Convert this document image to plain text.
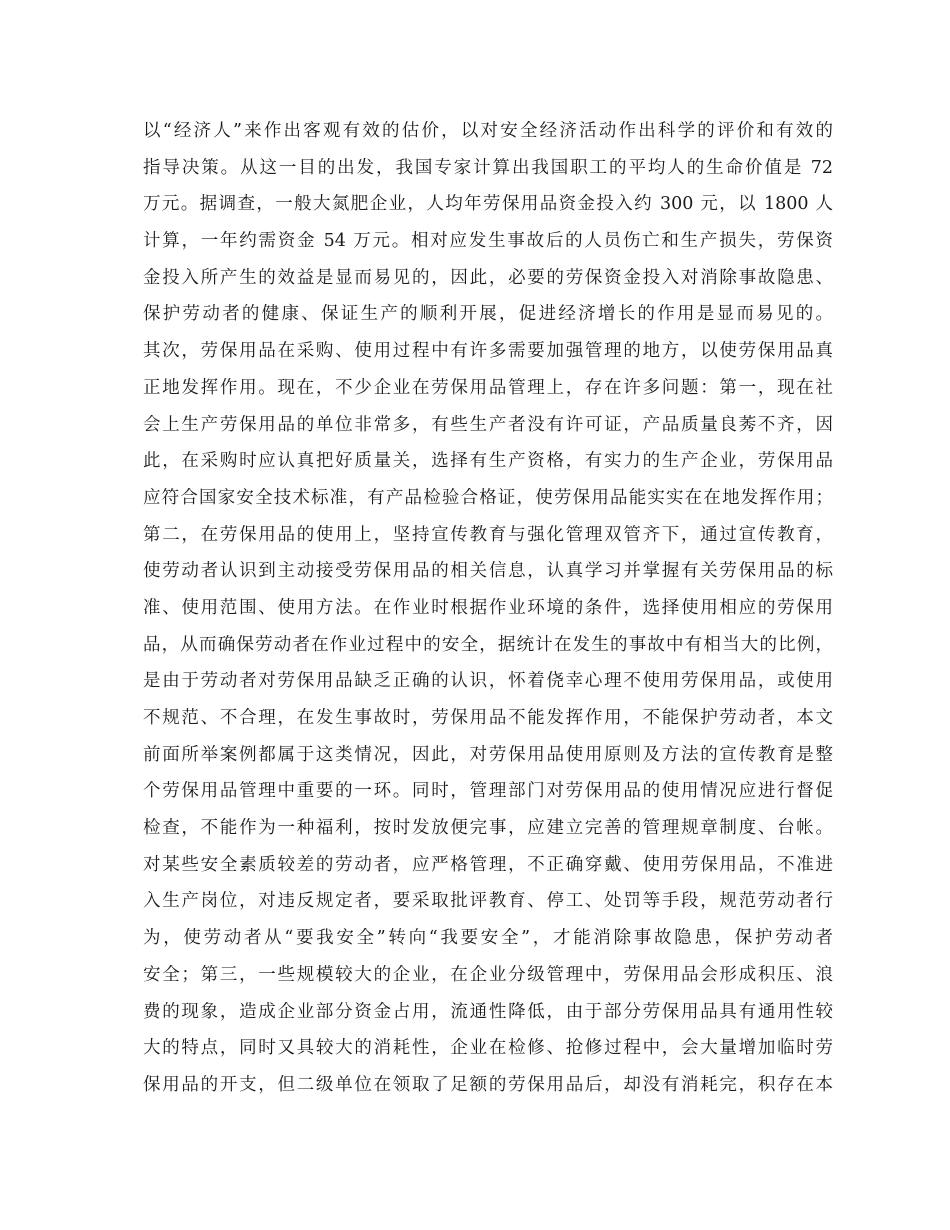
以“经济人”来作出客观有效的估价，以对安全经济活动作出科学的评价和有效的
指导决策。从这一目的出发，我国专家计算出我国职工的平均人的生命价值是 72
万元。据调查，一般大氮肥企业，人均年劳保用品资金投入约 300 元，以 1800 人
计算，一年约需资金 54 万元。相对应发生事故后的人员伤亡和生产损失，劳保资
金投入所产生的效益是显而易见的，因此，必要的劳保资金投入对消除事故隐患、
保护劳动者的健康、保证生产的顺利开展，促进经济增长的作用是显而易见的。
其次，劳保用品在采购、使用过程中有许多需要加强管理的地方，以使劳保用品真
正地发挥作用。现在，不少企业在劳保用品管理上，存在许多问题：第一，现在社
会上生产劳保用品的单位非常多，有些生产者没有许可证，产品质量良莠不齐，因
此，在采购时应认真把好质量关，选择有生产资格，有实力的生产企业，劳保用品
应符合国家安全技术标准，有产品检验合格证，使劳保用品能实实在在地发挥作用；
第二，在劳保用品的使用上，坚持宣传教育与强化管理双管齐下，通过宣传教育，
使劳动者认识到主动接受劳保用品的相关信息，认真学习并掌握有关劳保用品的标
准、使用范围、使用方法。在作业时根据作业环境的条件，选择使用相应的劳保用
品，从而确保劳动者在作业过程中的安全，据统计在发生的事故中有相当大的比例，
是由于劳动者对劳保用品缺乏正确的认识，怀着侥幸心理不使用劳保用品，或使用
不规范、不合理，在发生事故时，劳保用品不能发挥作用，不能保护劳动者，本文
前面所举案例都属于这类情况，因此，对劳保用品使用原则及方法的宣传教育是整
个劳保用品管理中重要的一环。同时，管理部门对劳保用品的使用情况应进行督促
检查，不能作为一种福利，按时发放便完事，应建立完善的管理规章制度、台帐。
对某些安全素质较差的劳动者，应严格管理，不正确穿戴、使用劳保用品，不准进
入生产岗位，对违反规定者，要采取批评教育、停工、处罚等手段，规范劳动者行
为，使劳动者从“要我安全”转向“我要安全”，才能消除事故隐患，保护劳动者
安全；第三，一些规模较大的企业，在企业分级管理中，劳保用品会形成积压、浪
费的现象，造成企业部分资金占用，流通性降低，由于部分劳保用品具有通用性较
大的特点，同时又具较大的消耗性，企业在检修、抢修过程中，会大量增加临时劳
保用品的开支，但二级单位在领取了足额的劳保用品后，却没有消耗完，积存在本
